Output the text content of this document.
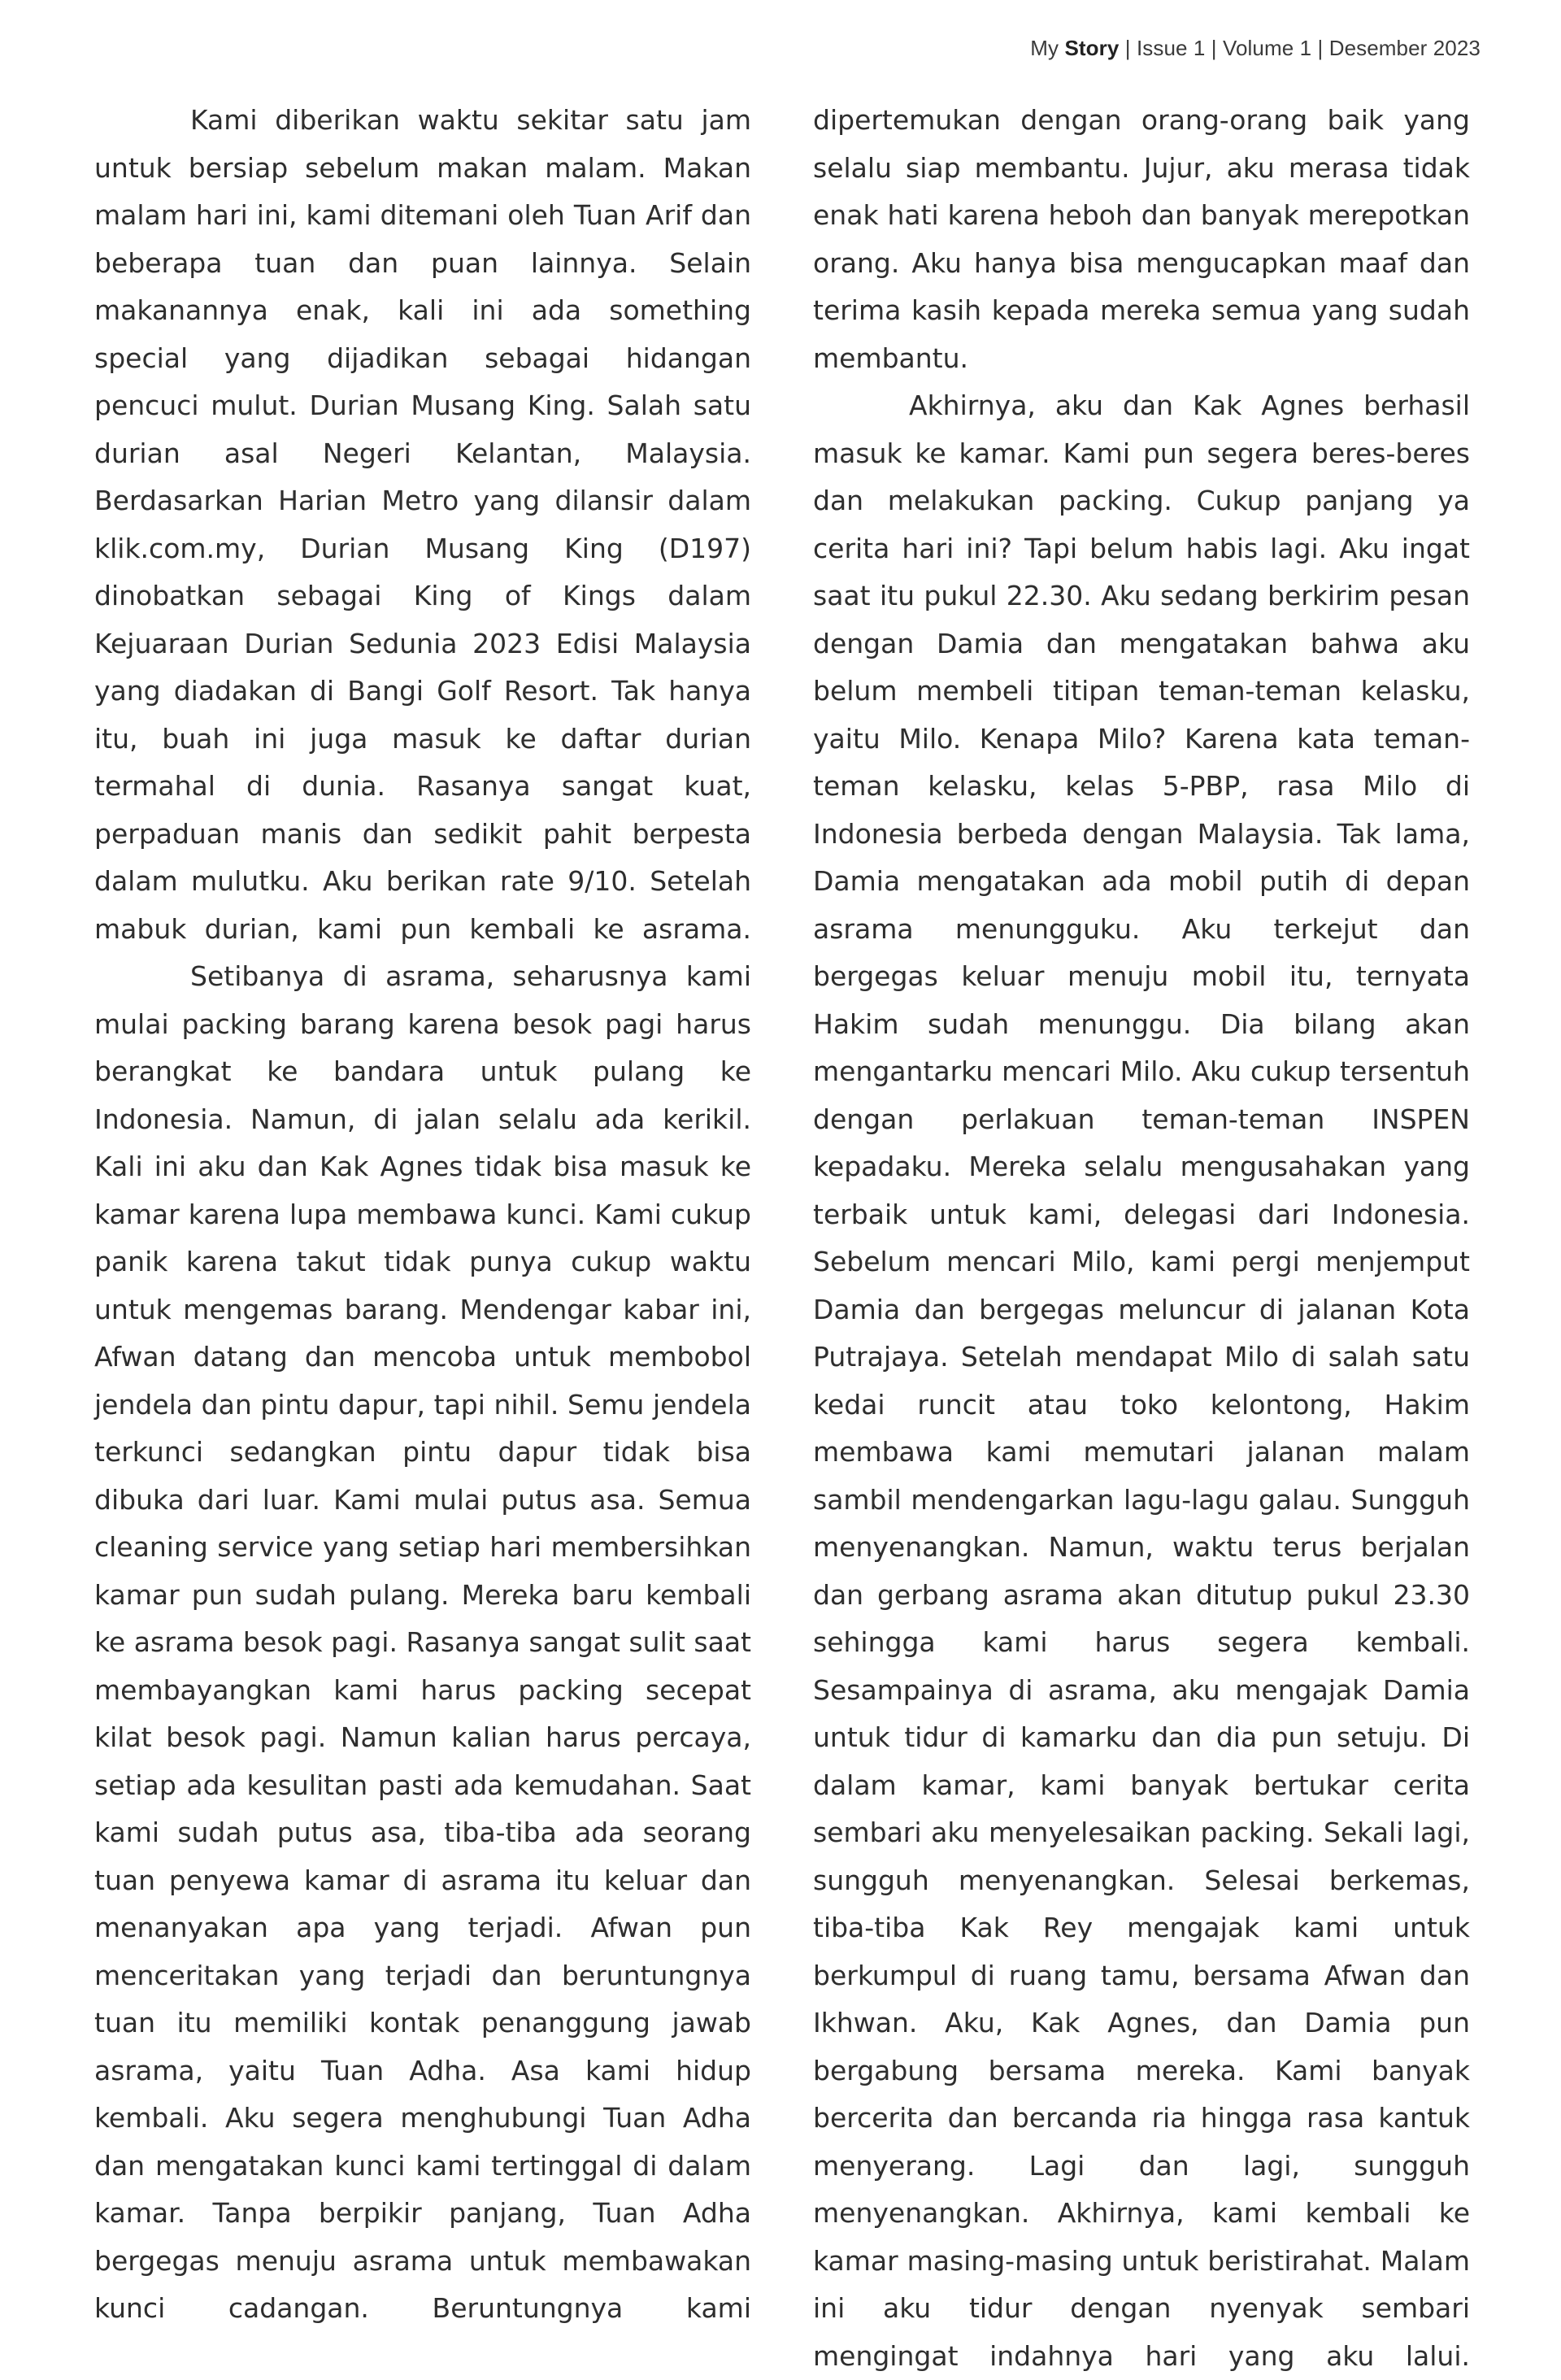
My Story | Issue 1 | Volume 1 | Desember 2023

Kami diberikan waktu sekitar satu jam untuk bersiap sebelum makan malam. Makan malam hari ini, kami ditemani oleh Tuan Arif dan beberapa tuan dan puan lainnya. Selain makanannya enak, kali ini ada something special yang dijadikan sebagai hidangan pencuci mulut. Durian Musang King. Salah satu durian asal Negeri Kelantan, Malaysia. Berdasarkan Harian Metro yang dilansir dalam klik.com.my, Durian Musang King (D197) dinobatkan sebagai King of Kings dalam Kejuaraan Durian Sedunia 2023 Edisi Malaysia yang diadakan di Bangi Golf Resort. Tak hanya itu, buah ini juga masuk ke daftar durian termahal di dunia. Rasanya sangat kuat, perpaduan manis dan sedikit pahit berpesta dalam mulutku. Aku berikan rate 9/10. Setelah mabuk durian, kami pun kembali ke asrama.

Setibanya di asrama, seharusnya kami mulai packing barang karena besok pagi harus berangkat ke bandara untuk pulang ke Indonesia. Namun, di jalan selalu ada kerikil. Kali ini aku dan Kak Agnes tidak bisa masuk ke kamar karena lupa membawa kunci. Kami cukup panik karena takut tidak punya cukup waktu untuk mengemas barang. Mendengar kabar ini, Afwan datang dan mencoba untuk membobol jendela dan pintu dapur, tapi nihil. Semu jendela terkunci sedangkan pintu dapur tidak bisa dibuka dari luar. Kami mulai putus asa. Semua cleaning service yang setiap hari membersihkan kamar pun sudah pulang. Mereka baru kembali ke asrama besok pagi. Rasanya sangat sulit saat membayangkan kami harus packing secepat kilat besok pagi. Namun kalian harus percaya, setiap ada kesulitan pasti ada kemudahan. Saat kami sudah putus asa, tiba-tiba ada seorang tuan penyewa kamar di asrama itu keluar dan menanyakan apa yang terjadi. Afwan pun menceritakan yang terjadi dan beruntungnya tuan itu memiliki kontak penanggung jawab asrama, yaitu Tuan Adha. Asa kami hidup kembali. Aku segera menghubungi Tuan Adha dan mengatakan kunci kami tertinggal di dalam kamar. Tanpa berpikir panjang, Tuan Adha bergegas menuju asrama untuk membawakan kunci cadangan. Beruntungnya kami

dipertemukan dengan orang-orang baik yang selalu siap membantu. Jujur, aku merasa tidak enak hati karena heboh dan banyak merepotkan orang. Aku hanya bisa mengucapkan maaf dan terima kasih kepada mereka semua yang sudah membantu.

Akhirnya, aku dan Kak Agnes berhasil masuk ke kamar. Kami pun segera beres-beres dan melakukan packing. Cukup panjang ya cerita hari ini? Tapi belum habis lagi. Aku ingat saat itu pukul 22.30. Aku sedang berkirim pesan dengan Damia dan mengatakan bahwa aku belum membeli titipan teman-teman kelasku, yaitu Milo. Kenapa Milo? Karena kata teman-teman kelasku, kelas 5-PBP, rasa Milo di Indonesia berbeda dengan Malaysia. Tak lama, Damia mengatakan ada mobil putih di depan asrama menungguku. Aku terkejut dan bergegas keluar menuju mobil itu, ternyata Hakim sudah menunggu. Dia bilang akan mengantarku mencari Milo. Aku cukup tersentuh dengan perlakuan teman-teman INSPEN kepadaku. Mereka selalu mengusahakan yang terbaik untuk kami, delegasi dari Indonesia. Sebelum mencari Milo, kami pergi menjemput Damia dan bergegas meluncur di jalanan Kota Putrajaya. Setelah mendapat Milo di salah satu kedai runcit atau toko kelontong, Hakim membawa kami memutari jalanan malam sambil mendengarkan lagu-lagu galau. Sungguh menyenangkan. Namun, waktu terus berjalan dan gerbang asrama akan ditutup pukul 23.30 sehingga kami harus segera kembali. Sesampainya di asrama, aku mengajak Damia untuk tidur di kamarku dan dia pun setuju. Di dalam kamar, kami banyak bertukar cerita sembari aku menyelesaikan packing. Sekali lagi, sungguh menyenangkan. Selesai berkemas, tiba-tiba Kak Rey mengajak kami untuk berkumpul di ruang tamu, bersama Afwan dan Ikhwan. Aku, Kak Agnes, dan Damia pun bergabung bersama mereka. Kami banyak bercerita dan bercanda ria hingga rasa kantuk menyerang. Lagi dan lagi, sungguh menyenangkan. Akhirnya, kami kembali ke kamar masing-masing untuk beristirahat. Malam ini aku tidur dengan nyenyak sembari mengingat indahnya hari yang aku lalui.
